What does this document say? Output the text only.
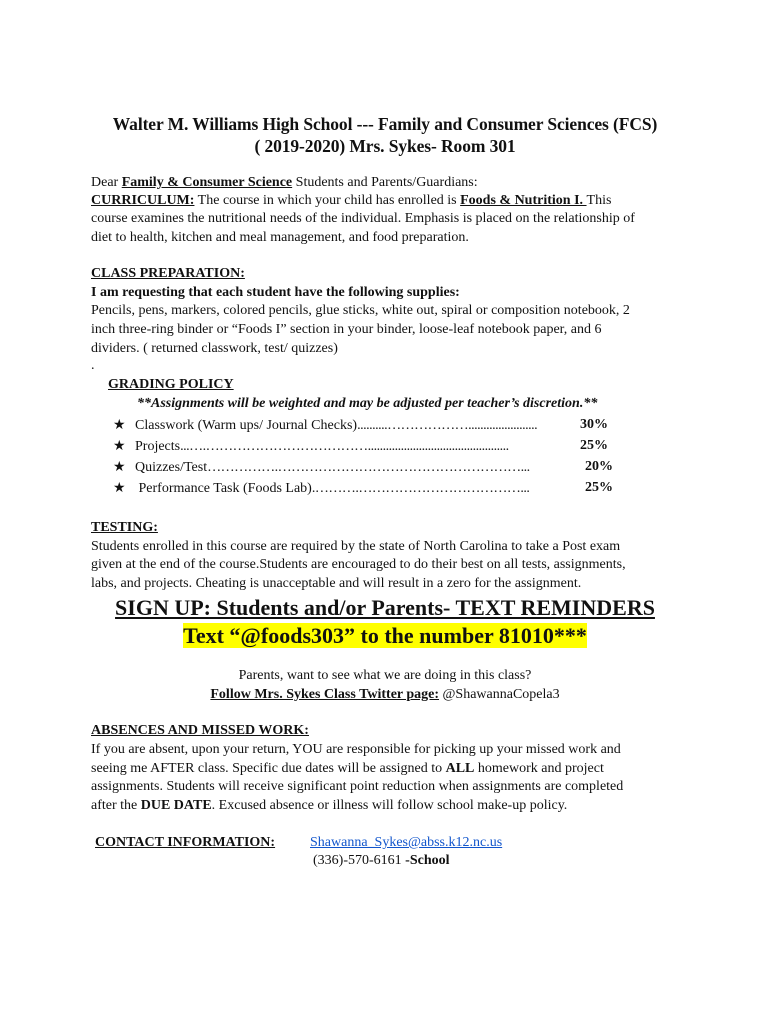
Walter M. Williams High School --- Family and Consumer Sciences (FCS)
( 2019-2020) Mrs. Sykes- Room 301
Dear Family & Consumer Science Students and Parents/Guardians:
CURRICULUM: The course in which your child has enrolled is Foods & Nutrition I. This
course examines the nutritional needs of the individual. Emphasis is placed on the relationship of
diet to health, kitchen and meal management, and food preparation.
CLASS PREPARATION:
I am requesting that each student have the following supplies:
Pencils, pens, markers, colored pencils, glue sticks, white out, spiral or composition notebook, 2
inch three-ring binder or “Foods I” section in your binder, loose-leaf notebook paper, and 6
dividers. ( returned classwork, test/ quizzes)
.
GRADING POLICY
**Assignments will be weighted and may be adjusted per teacher’s discretion.**
★ Classwork (Warm ups/ Journal Checks)..........……………….......................	30%
★ Projects...….………………………………...............................................	25%
★ Quizzes/Test…………….………………………………………………...	20%
★ Performance Task (Foods Lab).……….………………………………...	25%
TESTING:
Students enrolled in this course are required by the state of North Carolina to take a Post exam
given at the end of the course.Students are encouraged to do their best on all tests, assignments,
labs, and projects. Cheating is unacceptable and will result in a zero for the assignment.
SIGN UP: Students and/or Parents- TEXT REMINDERS
Text “@foods303” to the number 81010***
Parents, want to see what we are doing in this class?
Follow Mrs. Sykes Class Twitter page: @ShawannaCopela3
ABSENCES AND MISSED WORK:
If you are absent, upon your return, YOU are responsible for picking up your missed work and
seeing me AFTER class. Specific due dates will be assigned to ALL homework and project
assignments. Students will receive significant point reduction when assignments are completed
after the DUE DATE. Excused absence or illness will follow school make-up policy.
CONTACT INFORMATION: Shawanna_Sykes@abss.k12.nc.us
(336)-570-6161 -School
